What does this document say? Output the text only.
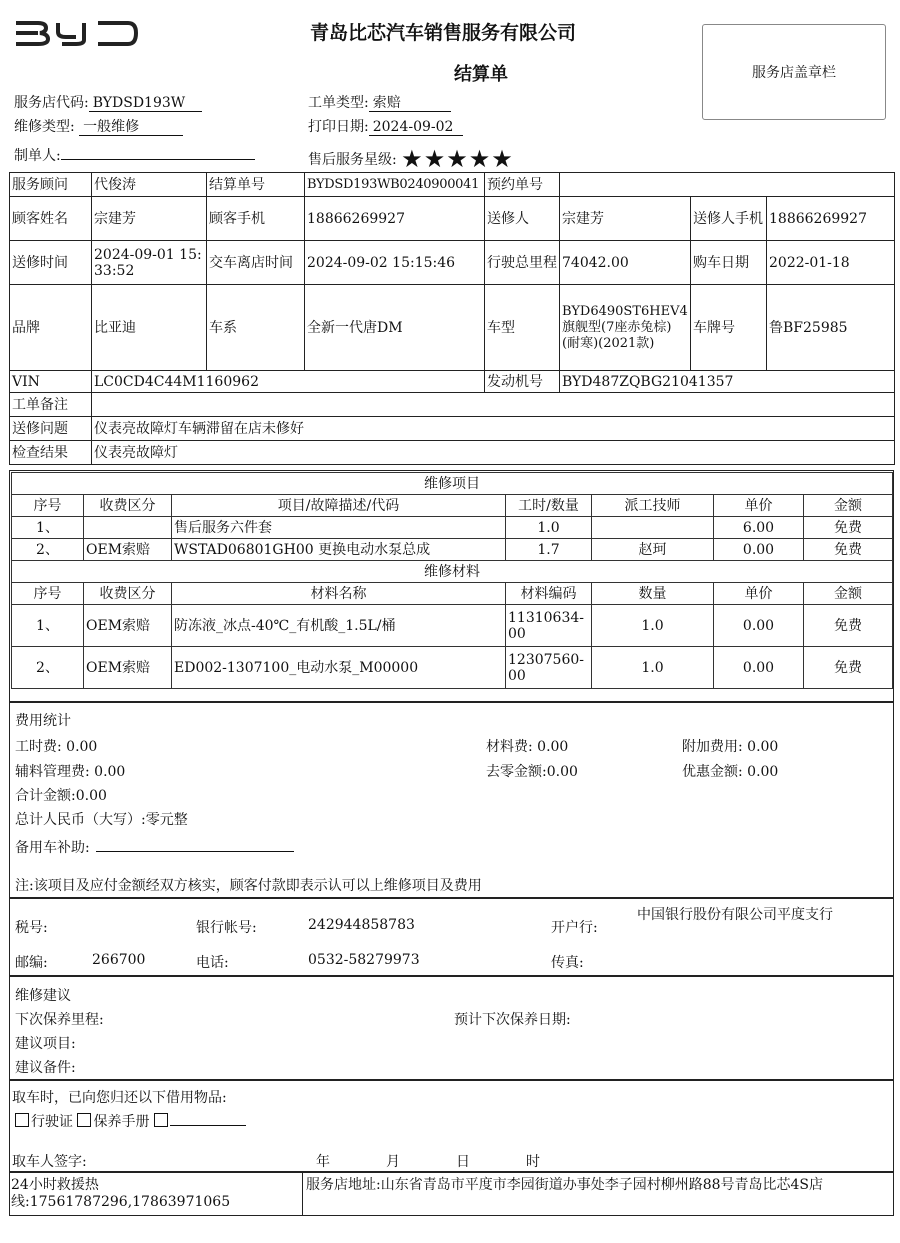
青岛比芯汽车销售服务有限公司
结算单	服务店盖章栏
服务店代码: BYDSD193W
维修类型: 一般维修
制单人:
工单类型: 索赔
打印日期: 2024-09-02
售后服务星级: ★★★★★
服务顾问	代俊涛	结算单号	BYDSD193WB0240900041	预约单号			
顾客姓名	宗建芳	顾客手机	18866269927	送修人	宗建芳	送修人手机	18866269927
送修时间	2024-09-01 15:33:52	交车离店时间	2024-09-02 15:15:46	行驶总里程	74042.00	购车日期	2022-01-18
品牌	比亚迪	车系	全新一代唐DM	车型	BYD6490ST6HEV4旗舰型(7座赤兔棕)(耐寒)(2021款)	车牌号	鲁BF25985
VIN	LC0CD4C44M1160962			发动机号	BYD487ZQBG21041357		
工单备注							
送修问题	仪表亮故障灯车辆滞留在店未修好						
检查结果	仪表亮故障灯						
维修项目						
序号	收费区分	项目/故障描述/代码	工时/数量	派工技师	单价	金额
1、		售后服务六件套	1.0		6.00	免费
2、	OEM索赔	WSTAD06801GH00 更换电动水泵总成	1.7	赵珂	0.00	免费
维修材料						
序号	收费区分	材料名称	材料编码	数量	单价	金额
1、	OEM索赔	防冻液_冰点-40℃_有机酸_1.5L/桶	11310634-00	1.0	0.00	免费
2、	OEM索赔	ED002-1307100_电动水泵_M00000	12307560-00	1.0	0.00	免费
费用统计
工时费: 0.00	材料费: 0.00	附加费用: 0.00
辅料管理费: 0.00	去零金额:0.00	优惠金额: 0.00
合计金额:0.00
总计人民币（大写）:零元整
备用车补助:
注:该项目及应付金额经双方核实，顾客付款即表示认可以上维修项目及费用
税号:	银行帐号:	242944858783	开户行:
中国银行股份有限公司平度支行
邮编:	266700	电话:	0532-58279973	传真:
维修建议
下次保养里程:	预计下次保养日期:
建议项目:
建议备件:
取车时，已向您归还以下借用物品:
行驶证 保养手册
取车人签字:	年	月	日	时
24小时救援热线:17561787296,17863971065
服务店地址:山东省青岛市平度市李园街道办事处李子园村柳州路88号青岛比芯4S店
